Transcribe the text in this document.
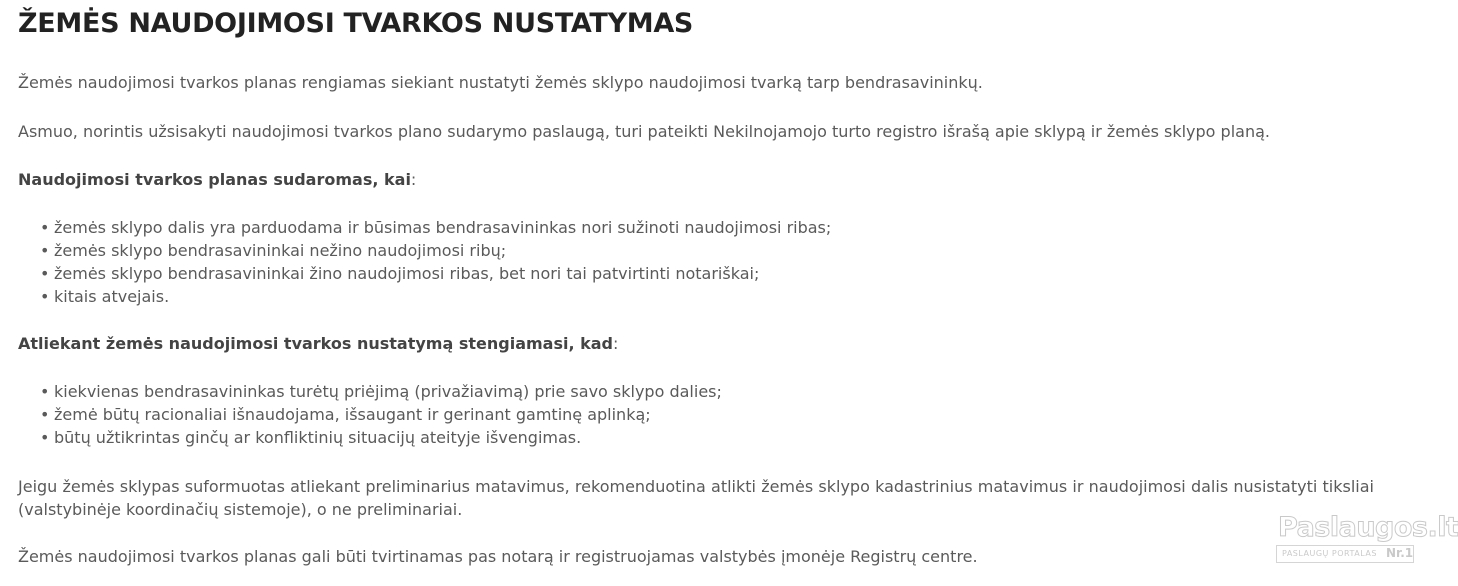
ŽEMĖS NAUDOJIMOSI TVARKOS NUSTATYMAS

Žemės naudojimosi tvarkos planas rengiamas siekiant nustatyti žemės sklypo naudojimosi tvarką tarp bendrasavininkų.

Asmuo, norintis užsisakyti naudojimosi tvarkos plano sudarymo paslaugą, turi pateikti Nekilnojamojo turto registro išrašą apie sklypą ir žemės sklypo planą.

Naudojimosi tvarkos planas sudaromas, kai:

• žemės sklypo dalis yra parduodama ir būsimas bendrasavininkas nori sužinoti naudojimosi ribas;
• žemės sklypo bendrasavininkai nežino naudojimosi ribų;
• žemės sklypo bendrasavininkai žino naudojimosi ribas, bet nori tai patvirtinti notariškai;
• kitais atvejais.

Atliekant žemės naudojimosi tvarkos nustatymą stengiamasi, kad:

• kiekvienas bendrasavininkas turėtų priėjimą (privažiavimą) prie savo sklypo dalies;
• žemė būtų racionaliai išnaudojama, išsaugant ir gerinant gamtinę aplinką;
• būtų užtikrintas ginčų ar konfliktinių situacijų ateityje išvengimas.

Jeigu žemės sklypas suformuotas atliekant preliminarius matavimus, rekomenduotina atlikti žemės sklypo kadastrinius matavimus ir naudojimosi dalis nusistatyti tiksliai (valstybinėje koordinačių sistemoje), o ne preliminariai.

Žemės naudojimosi tvarkos planas gali būti tvirtinamas pas notarą ir registruojamas valstybės įmonėje Registrų centre.

Paslaugos.lt
PASLAUGŲ PORTALAS Nr.1
